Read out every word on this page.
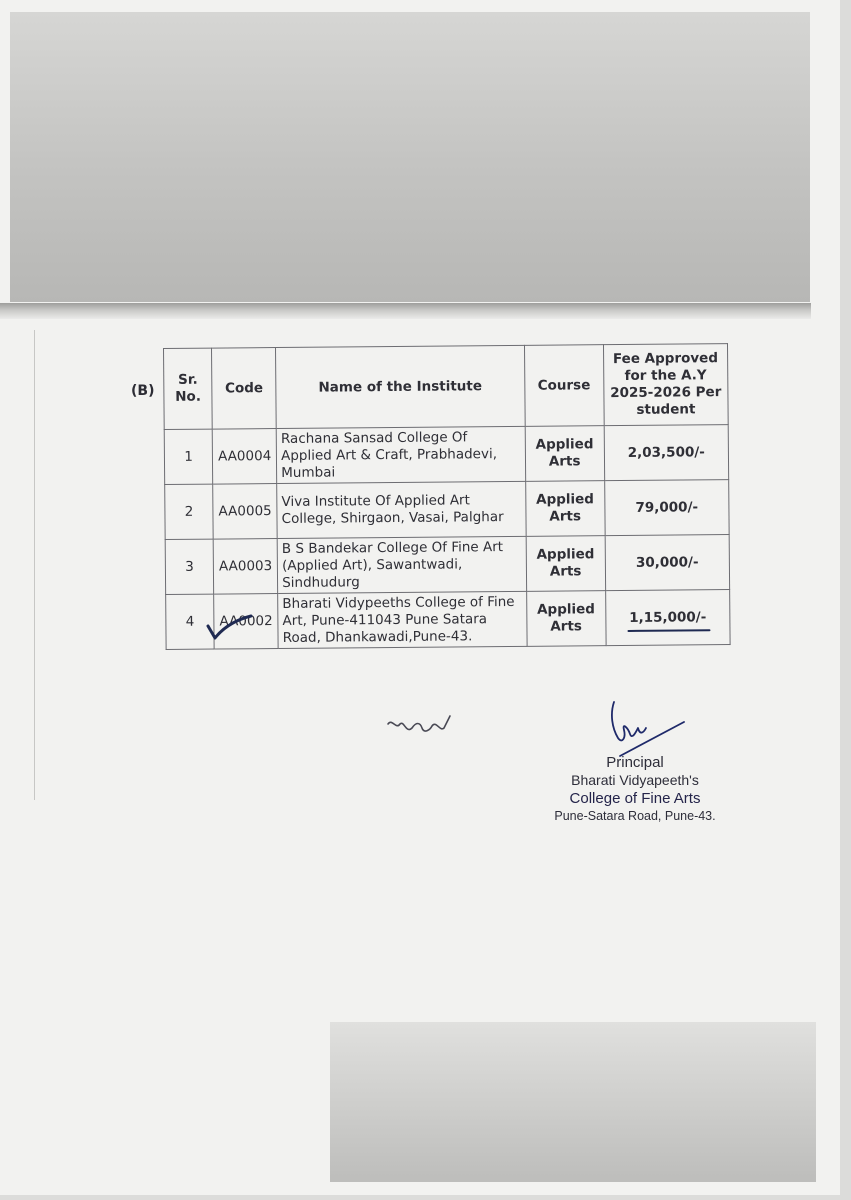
(B)
Sr. No.	Code	Name of the Institute	Course	Fee Approved for the A.Y 2025-2026 Per student
1	AA0004	Rachana Sansad College Of Applied Art & Craft, Prabhadevi, Mumbai	Applied Arts	2,03,500/-
2	AA0005	Viva Institute Of Applied Art College, Shirgaon, Vasai, Palghar	Applied Arts	79,000/-
3	AA0003	B S Bandekar College Of Fine Art (Applied Art), Sawantwadi, Sindhudurg	Applied Arts	30,000/-
4	AA0002	Bharati Vidypeeths College of Fine Art, Pune-411043 Pune Satara Road, Dhankawadi,Pune-43.	Applied Arts	1,15,000/-
Principal
Bharati Vidyapeeth's
College of Fine Arts
Pune-Satara Road, Pune-43.
